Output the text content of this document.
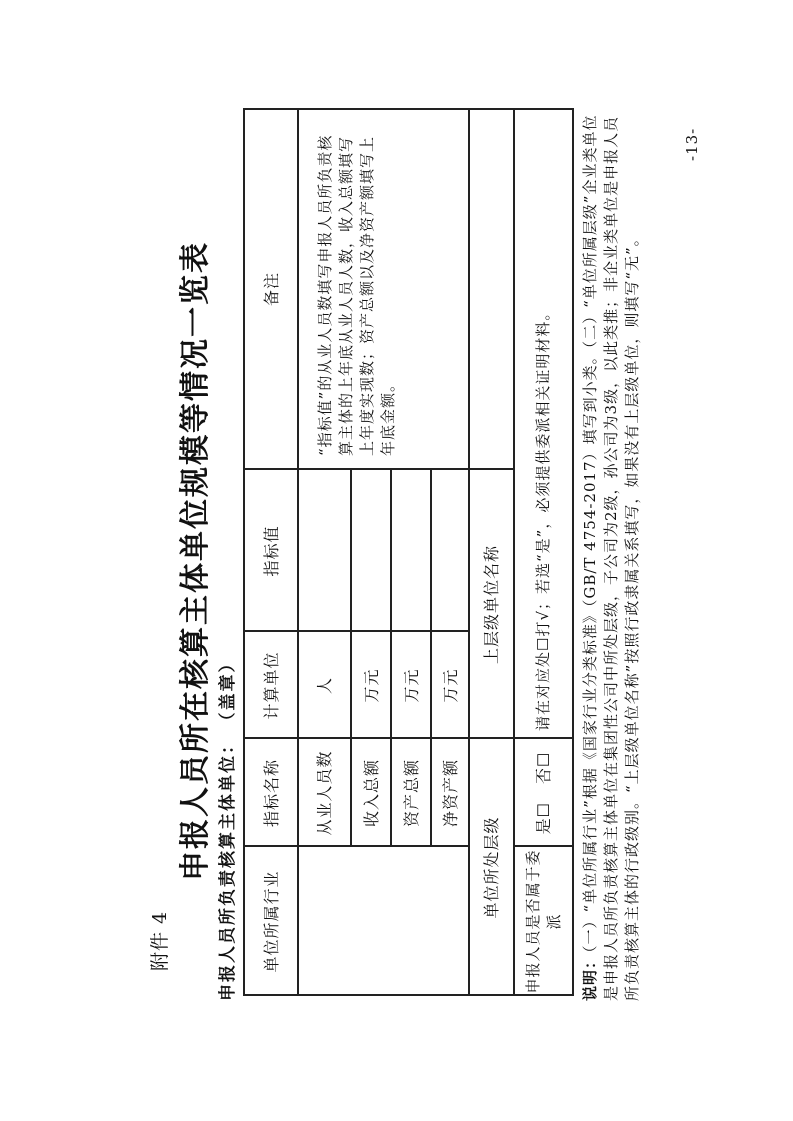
附件 4
申报人员所在核算主体单位规模等情况一览表 申报人员所负责核算主体单位：（盖章）
单位所属行业
指标名称
计算单位
指标值
备注
从业人员数
人
收入总额
万元
资产总额
万元
净资产额
万元
“指标值”的从业人员数填写申报人员所负责核算主体的上年底从业人员人数，收入总额填写上年度实现数；资产总额以及净资产额填写上年底金额。
单位所处层级
上层级单位名称
申报人员是否属于委派
是☐
否☐
请在对应处☐打√；若选“是”，必须提供委派相关证明材料。
说明：（一）“单位所属行业”根据《国家行业分类标准》（GB/T 4754-2017）填写到小类。（二）“单位所属层级”企业类单位是申报人员所负责核算主体单位在集团性公司中所处层级，子公司为2级，孙公司为3级，以此类推；非企业类单位是申报人员所负责核算主体的行政级别。“上层级单位名称”按照行政隶属关系填写，如果没有上层级单位，则填写“无”。
-13-
